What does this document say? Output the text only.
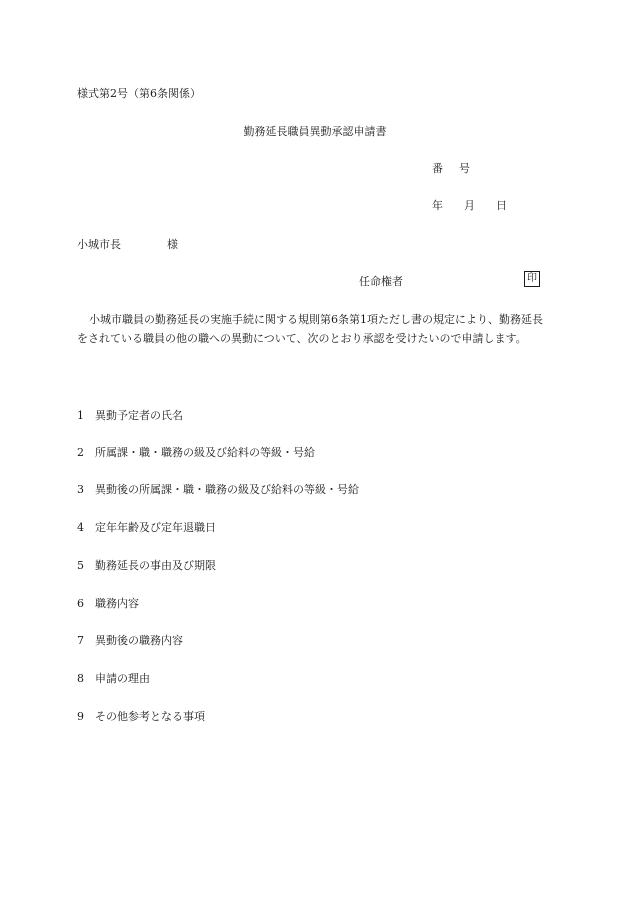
様式第2号（第6条関係）
勤務延長職員異動承認申請書
番 号
年 月 日
小城市長	様
任命権者	印
小城市職員の勤務延長の実施手続に関する規則第6条第1項ただし書の規定により、勤務延長をされている職員の他の職への異動について、次のとおり承認を受けたいので申請します。
1 異動予定者の氏名
2 所属課・職・職務の級及び給料の等級・号給
3 異動後の所属課・職・職務の級及び給料の等級・号給
4 定年年齢及び定年退職日
5 勤務延長の事由及び期限
6 職務内容
7 異動後の職務内容
8 申請の理由
9 その他参考となる事項
